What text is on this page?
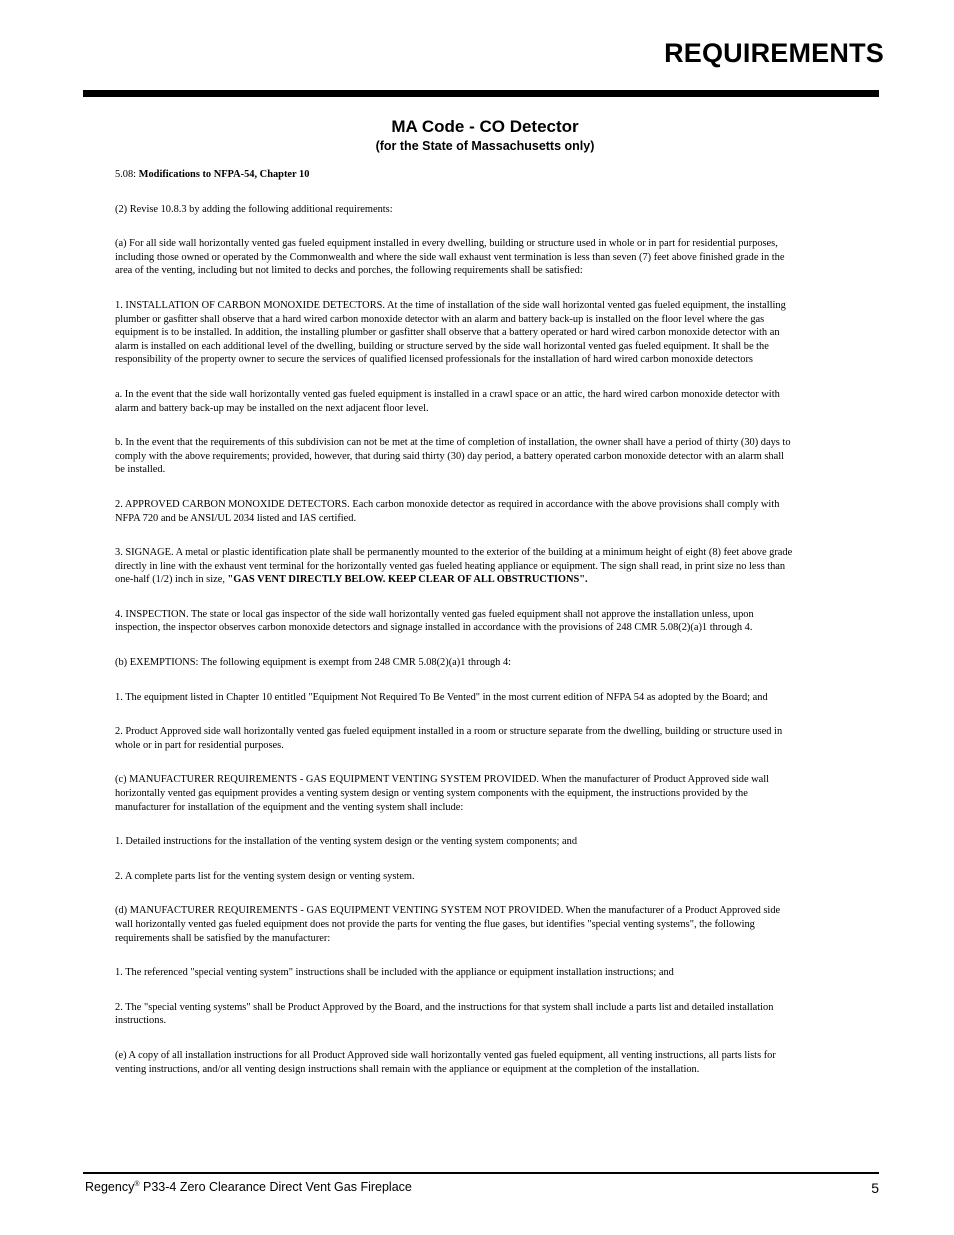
REQUIREMENTS
MA Code - CO Detector
(for the State of Massachusetts only)

5.08: Modifications to NFPA-54, Chapter 10

(2) Revise 10.8.3 by adding the following additional requirements:

(a) For all side wall horizontally vented gas fueled equipment installed in every dwelling, building or structure used in whole or in part for residential purposes, including those owned or operated by the Commonwealth and where the side wall exhaust vent termination is less than seven (7) feet above finished grade in the area of the venting, including but not limited to decks and porches, the following requirements shall be satisfied:

1. INSTALLATION OF CARBON MONOXIDE DETECTORS. At the time of installation of the side wall horizontal vented gas fueled equipment, the installing plumber or gasfitter shall observe that a hard wired carbon monoxide detector with an alarm and battery back-up is installed on the floor level where the gas equipment is to be installed. In addition, the installing plumber or gasfitter shall observe that a battery operated or hard wired carbon monoxide detector with an alarm is installed on each additional level of the dwelling, building or structure served by the side wall horizontal vented gas fueled equipment. It shall be the responsibility of the property owner to secure the services of qualified licensed professionals for the installation of hard wired carbon monoxide detectors

a. In the event that the side wall horizontally vented gas fueled equipment is installed in a crawl space or an attic, the hard wired carbon monoxide detector with alarm and battery back-up may be installed on the next adjacent floor level.

b. In the event that the requirements of this subdivision can not be met at the time of completion of installation, the owner shall have a period of thirty (30) days to comply with the above requirements; provided, however, that during said thirty (30) day period, a battery operated carbon monoxide detector with an alarm shall be installed.

2. APPROVED CARBON MONOXIDE DETECTORS. Each carbon monoxide detector as required in accordance with the above provisions shall comply with NFPA 720 and be ANSI/UL 2034 listed and IAS certified.

3. SIGNAGE. A metal or plastic identification plate shall be permanently mounted to the exterior of the building at a minimum height of eight (8) feet above grade directly in line with the exhaust vent terminal for the horizontally vented gas fueled heating appliance or equipment. The sign shall read, in print size no less than one-half (1/2) inch in size, "GAS VENT DIRECTLY BELOW. KEEP CLEAR OF ALL OBSTRUCTIONS".

4. INSPECTION. The state or local gas inspector of the side wall horizontally vented gas fueled equipment shall not approve the installation unless, upon inspection, the inspector observes carbon monoxide detectors and signage installed in accordance with the provisions of 248 CMR 5.08(2)(a)1 through 4.

(b) EXEMPTIONS: The following equipment is exempt from 248 CMR 5.08(2)(a)1 through 4:

1. The equipment listed in Chapter 10 entitled "Equipment Not Required To Be Vented" in the most current edition of NFPA 54 as adopted by the Board; and

2. Product Approved side wall horizontally vented gas fueled equipment installed in a room or structure separate from the dwelling, building or structure used in whole or in part for residential purposes.

(c) MANUFACTURER REQUIREMENTS - GAS EQUIPMENT VENTING SYSTEM PROVIDED. When the manufacturer of Product Approved side wall horizontally vented gas equipment provides a venting system design or venting system components with the equipment, the instructions provided by the manufacturer for installation of the equipment and the venting system shall include:

1. Detailed instructions for the installation of the venting system design or the venting system components; and

2. A complete parts list for the venting system design or venting system.

(d) MANUFACTURER REQUIREMENTS - GAS EQUIPMENT VENTING SYSTEM NOT PROVIDED. When the manufacturer of a Product Approved side wall horizontally vented gas fueled equipment does not provide the parts for venting the flue gases, but identifies "special venting systems", the following requirements shall be satisfied by the manufacturer:

1. The referenced "special venting system" instructions shall be included with the appliance or equipment installation instructions; and

2. The "special venting systems" shall be Product Approved by the Board, and the instructions for that system shall include a parts list and detailed installation instructions.

(e) A copy of all installation instructions for all Product Approved side wall horizontally vented gas fueled equipment, all venting instructions, all parts lists for venting instructions, and/or all venting design instructions shall remain with the appliance or equipment at the completion of the installation.

Regency® P33-4 Zero Clearance Direct Vent Gas Fireplace	5
